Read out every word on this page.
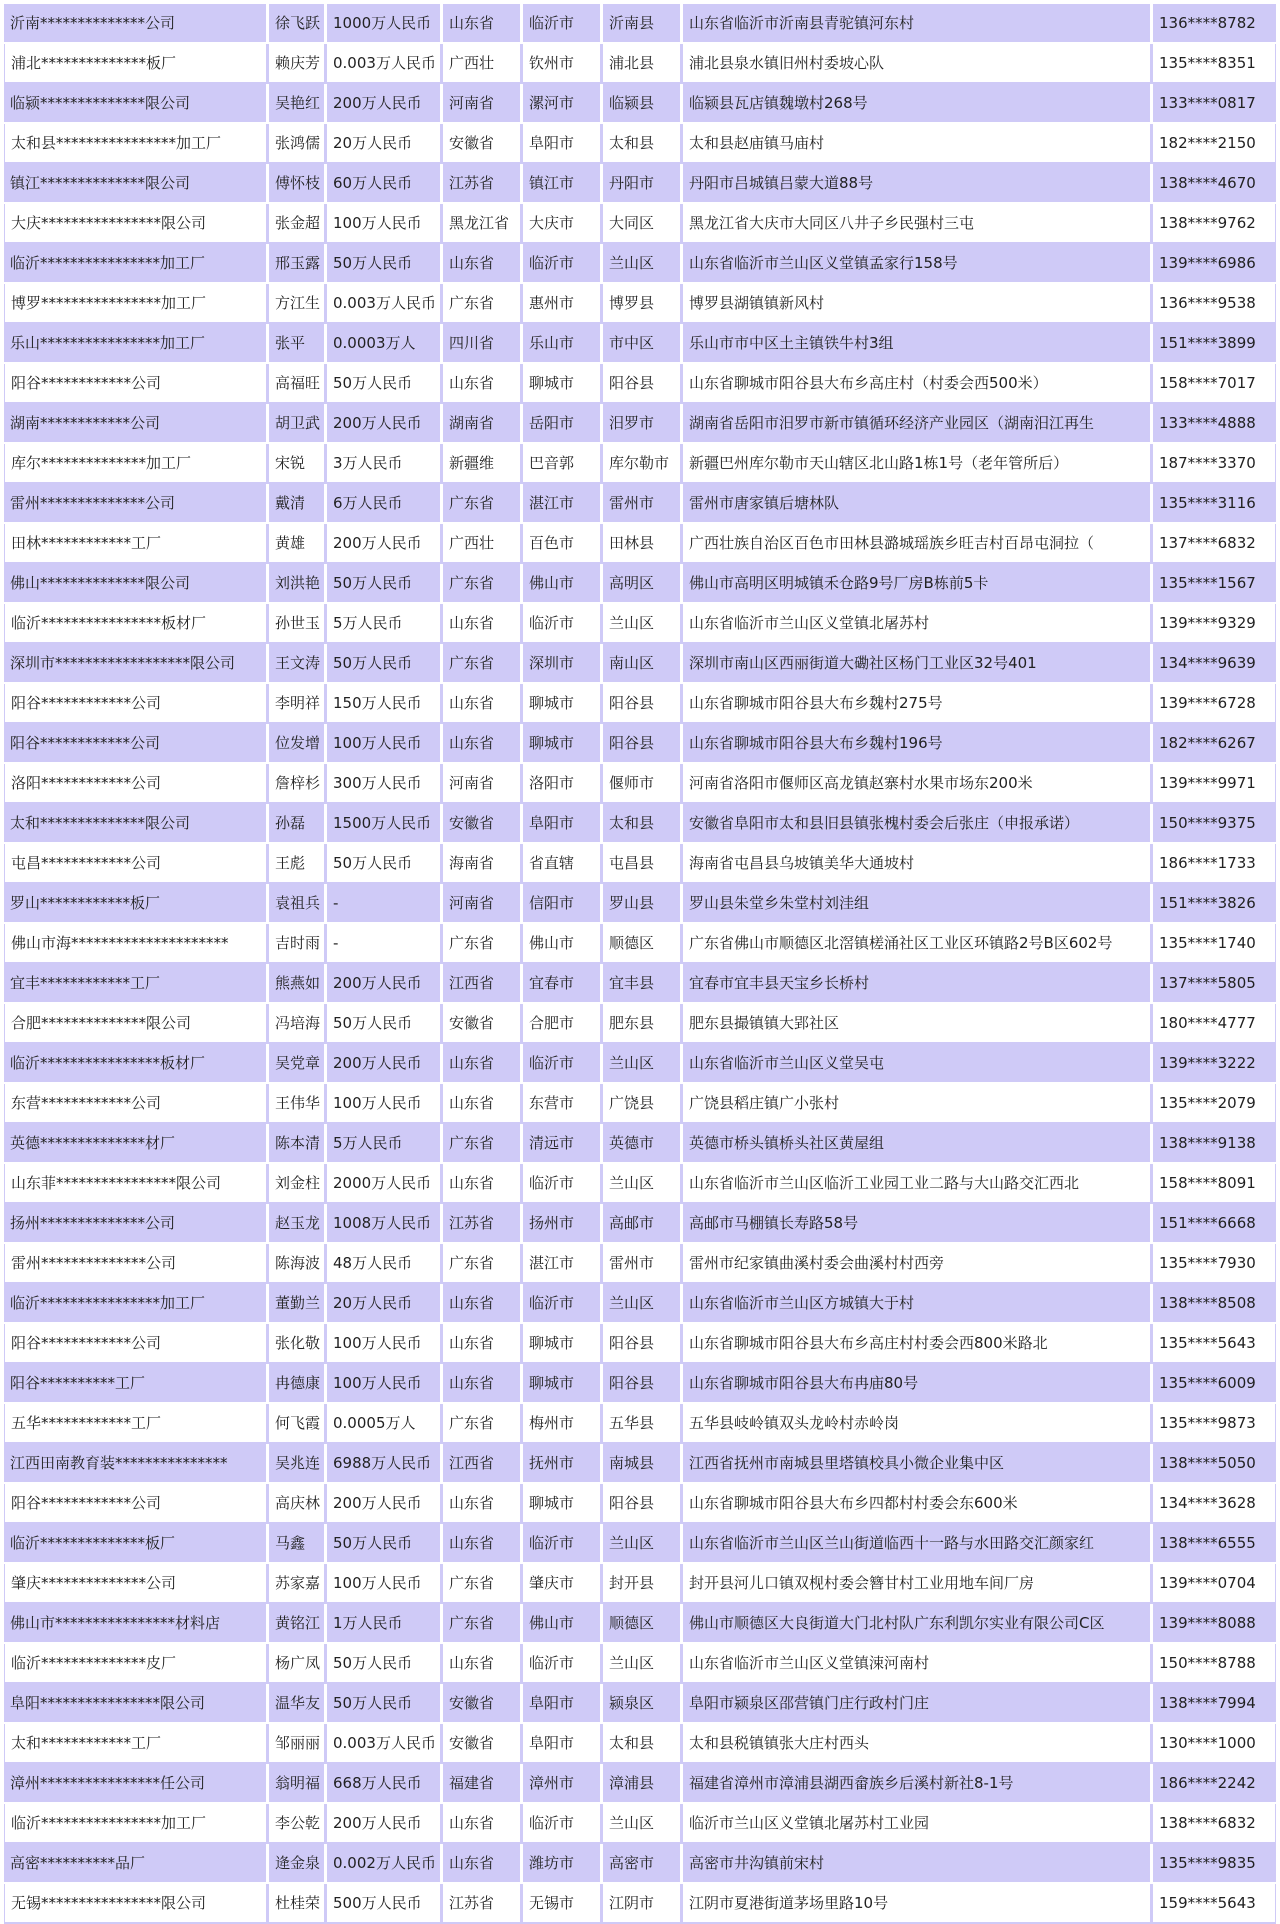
沂南**************公司	徐飞跃	1000万人民币	山东省	临沂市	沂南县	山东省临沂市沂南县青驼镇河东村	136****8782
浦北**************板厂	赖庆芳	0.003万人民币	广西壮	钦州市	浦北县	浦北县泉水镇旧州村委坡心队	135****8351
临颍**************限公司	吴艳红	200万人民币	河南省	漯河市	临颍县	临颍县瓦店镇魏墩村268号	133****0817
太和县****************加工厂	张鸿儒	20万人民币	安徽省	阜阳市	太和县	太和县赵庙镇马庙村	182****2150
镇江**************限公司	傅怀枝	60万人民币	江苏省	镇江市	丹阳市	丹阳市吕城镇吕蒙大道88号	138****4670
大庆****************限公司	张金超	100万人民币	黑龙江省	大庆市	大同区	黑龙江省大庆市大同区八井子乡民强村三屯	138****9762
临沂****************加工厂	邢玉露	50万人民币	山东省	临沂市	兰山区	山东省临沂市兰山区义堂镇孟家行158号	139****6986
博罗****************加工厂	方江生	0.003万人民币	广东省	惠州市	博罗县	博罗县湖镇镇新风村	136****9538
乐山****************加工厂	张平	0.0003万人	四川省	乐山市	市中区	乐山市市中区土主镇铁牛村3组	151****3899
阳谷************公司	高福旺	50万人民币	山东省	聊城市	阳谷县	山东省聊城市阳谷县大布乡高庄村（村委会西500米）	158****7017
湖南************公司	胡卫武	200万人民币	湖南省	岳阳市	汨罗市	湖南省岳阳市汨罗市新市镇循环经济产业园区（湖南汨江再生	133****4888
库尔**************加工厂	宋锐	3万人民币	新疆维	巴音郭	库尔勒市	新疆巴州库尔勒市天山辖区北山路1栋1号（老年管所后）	187****3370
雷州**************公司	戴清	6万人民币	广东省	湛江市	雷州市	雷州市唐家镇后塘林队	135****3116
田林************工厂	黄雄	200万人民币	广西壮	百色市	田林县	广西壮族自治区百色市田林县潞城瑶族乡旺吉村百昂屯洞拉（	137****6832
佛山**************限公司	刘洪艳	50万人民币	广东省	佛山市	高明区	佛山市高明区明城镇禾仓路9号厂房B栋前5卡	135****1567
临沂****************板材厂	孙世玉	5万人民币	山东省	临沂市	兰山区	山东省临沂市兰山区义堂镇北屠苏村	139****9329
深圳市******************限公司	王文涛	50万人民币	广东省	深圳市	南山区	深圳市南山区西丽街道大磡社区杨门工业区32号401	134****9639
阳谷************公司	李明祥	150万人民币	山东省	聊城市	阳谷县	山东省聊城市阳谷县大布乡魏村275号	139****6728
阳谷************公司	位发增	100万人民币	山东省	聊城市	阳谷县	山东省聊城市阳谷县大布乡魏村196号	182****6267
洛阳************公司	詹梓杉	300万人民币	河南省	洛阳市	偃师市	河南省洛阳市偃师区高龙镇赵寨村水果市场东200米	139****9971
太和**************限公司	孙磊	1500万人民币	安徽省	阜阳市	太和县	安徽省阜阳市太和县旧县镇张槐村委会后张庄（申报承诺）	150****9375
屯昌************公司	王彪	50万人民币	海南省	省直辖	屯昌县	海南省屯昌县乌坡镇美华大通坡村	186****1733
罗山************板厂	袁祖兵	-	河南省	信阳市	罗山县	罗山县朱堂乡朱堂村刘洼组	151****3826
佛山市海*********************	吉时雨	-	广东省	佛山市	顺德区	广东省佛山市顺德区北滘镇槎涌社区工业区环镇路2号B区602号	135****1740
宜丰************工厂	熊燕如	200万人民币	江西省	宜春市	宜丰县	宜春市宜丰县天宝乡长桥村	137****5805
合肥**************限公司	冯培海	50万人民币	安徽省	合肥市	肥东县	肥东县撮镇镇大郢社区	180****4777
临沂****************板材厂	吴党章	200万人民币	山东省	临沂市	兰山区	山东省临沂市兰山区义堂吴屯	139****3222
东营************公司	王伟华	100万人民币	山东省	东营市	广饶县	广饶县稻庄镇广小张村	135****2079
英德**************材厂	陈本清	5万人民币	广东省	清远市	英德市	英德市桥头镇桥头社区黄屋组	138****9138
山东菲****************限公司	刘金柱	2000万人民币	山东省	临沂市	兰山区	山东省临沂市兰山区临沂工业园工业二路与大山路交汇西北	158****8091
扬州**************公司	赵玉龙	1008万人民币	江苏省	扬州市	高邮市	高邮市马棚镇长寿路58号	151****6668
雷州**************公司	陈海波	48万人民币	广东省	湛江市	雷州市	雷州市纪家镇曲溪村委会曲溪村村西旁	135****7930
临沂****************加工厂	董勤兰	20万人民币	山东省	临沂市	兰山区	山东省临沂市兰山区方城镇大于村	138****8508
阳谷************公司	张化敬	100万人民币	山东省	聊城市	阳谷县	山东省聊城市阳谷县大布乡高庄村村委会西800米路北	135****5643
阳谷**********工厂	冉德康	100万人民币	山东省	聊城市	阳谷县	山东省聊城市阳谷县大布冉庙80号	135****6009
五华************工厂	何飞霞	0.0005万人	广东省	梅州市	五华县	五华县岐岭镇双头龙岭村赤岭岗	135****9873
江西田南教育装***************	吴兆连	6988万人民币	江西省	抚州市	南城县	江西省抚州市南城县里塔镇校具小微企业集中区	138****5050
阳谷************公司	高庆林	200万人民币	山东省	聊城市	阳谷县	山东省聊城市阳谷县大布乡四都村村委会东600米	134****3628
临沂**************板厂	马鑫	50万人民币	山东省	临沂市	兰山区	山东省临沂市兰山区兰山街道临西十一路与水田路交汇颜家红	138****6555
肇庆**************公司	苏家嘉	100万人民币	广东省	肇庆市	封开县	封开县河儿口镇双枧村委会簪甘村工业用地车间厂房	139****0704
佛山市****************材料店	黄铭江	1万人民币	广东省	佛山市	顺德区	佛山市顺德区大良街道大门北村队广东利凯尔实业有限公司C区	139****8088
临沂**************皮厂	杨广凤	50万人民币	山东省	临沂市	兰山区	山东省临沂市兰山区义堂镇涑河南村	150****8788
阜阳****************限公司	温华友	50万人民币	安徽省	阜阳市	颍泉区	阜阳市颍泉区邵营镇门庄行政村门庄	138****7994
太和************工厂	邹丽丽	0.003万人民币	安徽省	阜阳市	太和县	太和县税镇镇张大庄村西头	130****1000
漳州****************任公司	翁明福	668万人民币	福建省	漳州市	漳浦县	福建省漳州市漳浦县湖西畲族乡后溪村新社8-1号	186****2242
临沂****************加工厂	李公乾	200万人民币	山东省	临沂市	兰山区	临沂市兰山区义堂镇北屠苏村工业园	138****6832
高密**********品厂	逄金泉	0.002万人民币	山东省	潍坊市	高密市	高密市井沟镇前宋村	135****9835
无锡****************限公司	杜桂荣	500万人民币	江苏省	无锡市	江阴市	江阴市夏港街道茅场里路10号	159****5643
